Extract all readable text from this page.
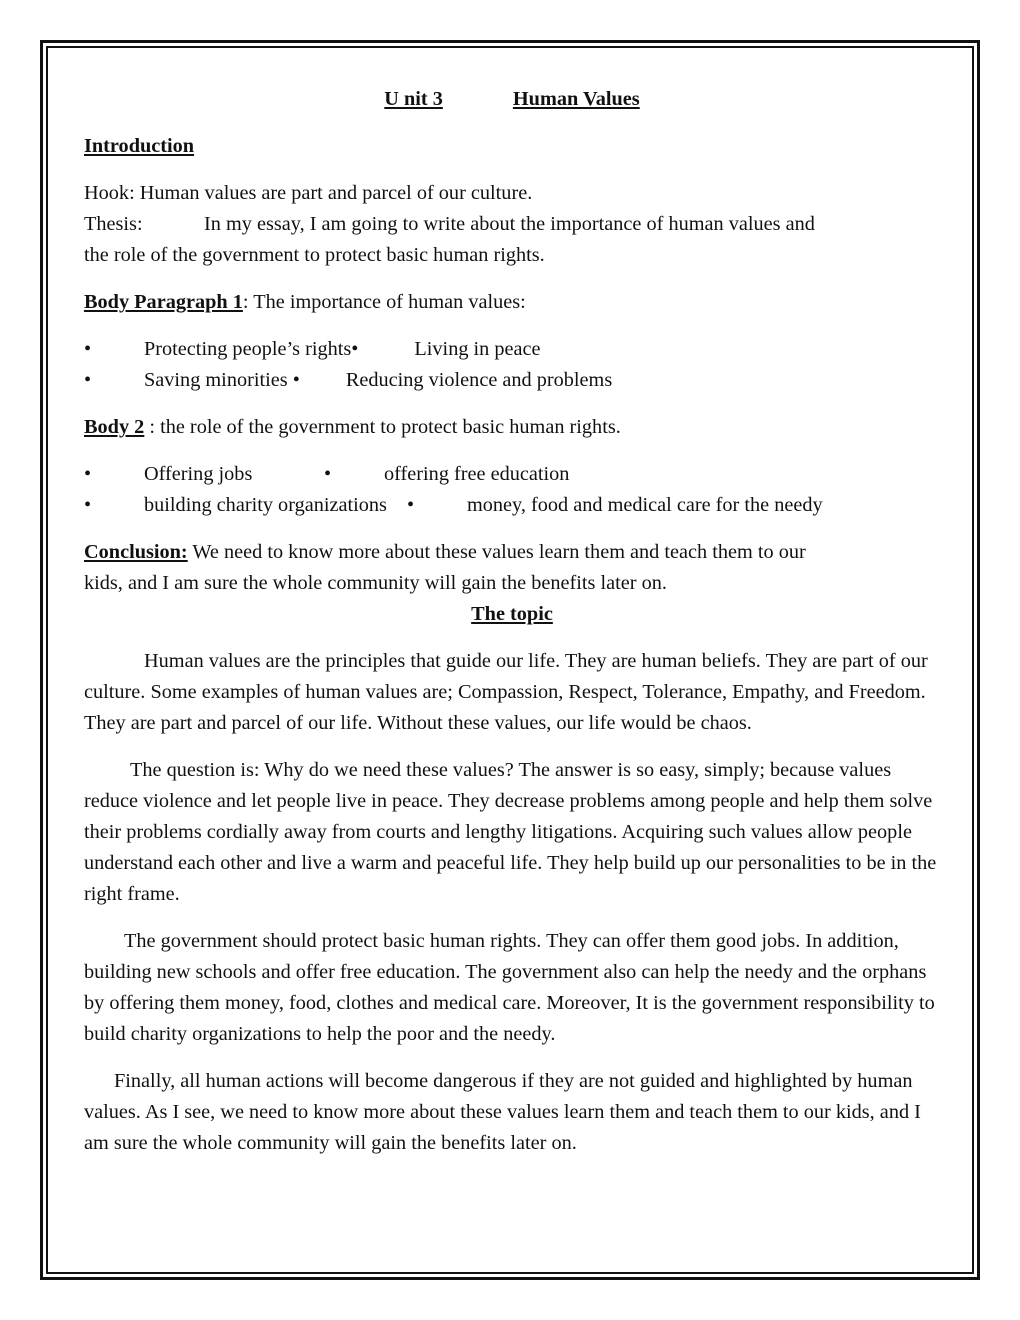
U nit 3	Human Values
Introduction

Hook: Human values are part and parcel of our culture.
Thesis:	In my essay, I am going to write about the importance of human values and
the role of the government to protect basic human rights.

Body Paragraph 1: The importance of human values:

•	Protecting people’s rights•	Living in peace
•	Saving minorities • Reducing violence and problems

Body 2 : the role of the government to protect basic human rights.

•	Offering jobs	•	offering free education
•	building charity organizations •	money, food and medical care for the needy

Conclusion: We need to know more about these values learn them and teach them to our
kids, and I am sure the whole community will gain the benefits later on.

The topic

Human values are the principles that guide our life. They are human beliefs. They are part of our culture. Some examples of human values are; Compassion, Respect, Tolerance, Empathy, and Freedom. They are part and parcel of our life. Without these values, our life would be chaos.

The question is: Why do we need these values? The answer is so easy, simply; because values reduce violence and let people live in peace. They decrease problems among people and help them solve their problems cordially away from courts and lengthy litigations. Acquiring such values allow people understand each other and live a warm and peaceful life. They help build up our personalities to be in the right frame.

The government should protect basic human rights. They can offer them good jobs. In addition, building new schools and offer free education. The government also can help the needy and the orphans by offering them money, food, clothes and medical care. Moreover, It is the government responsibility to build charity organizations to help the poor and the needy.

Finally, all human actions will become dangerous if they are not guided and highlighted by human values. As I see, we need to know more about these values learn them and teach them to our kids, and I am sure the whole community will gain the benefits later on.
